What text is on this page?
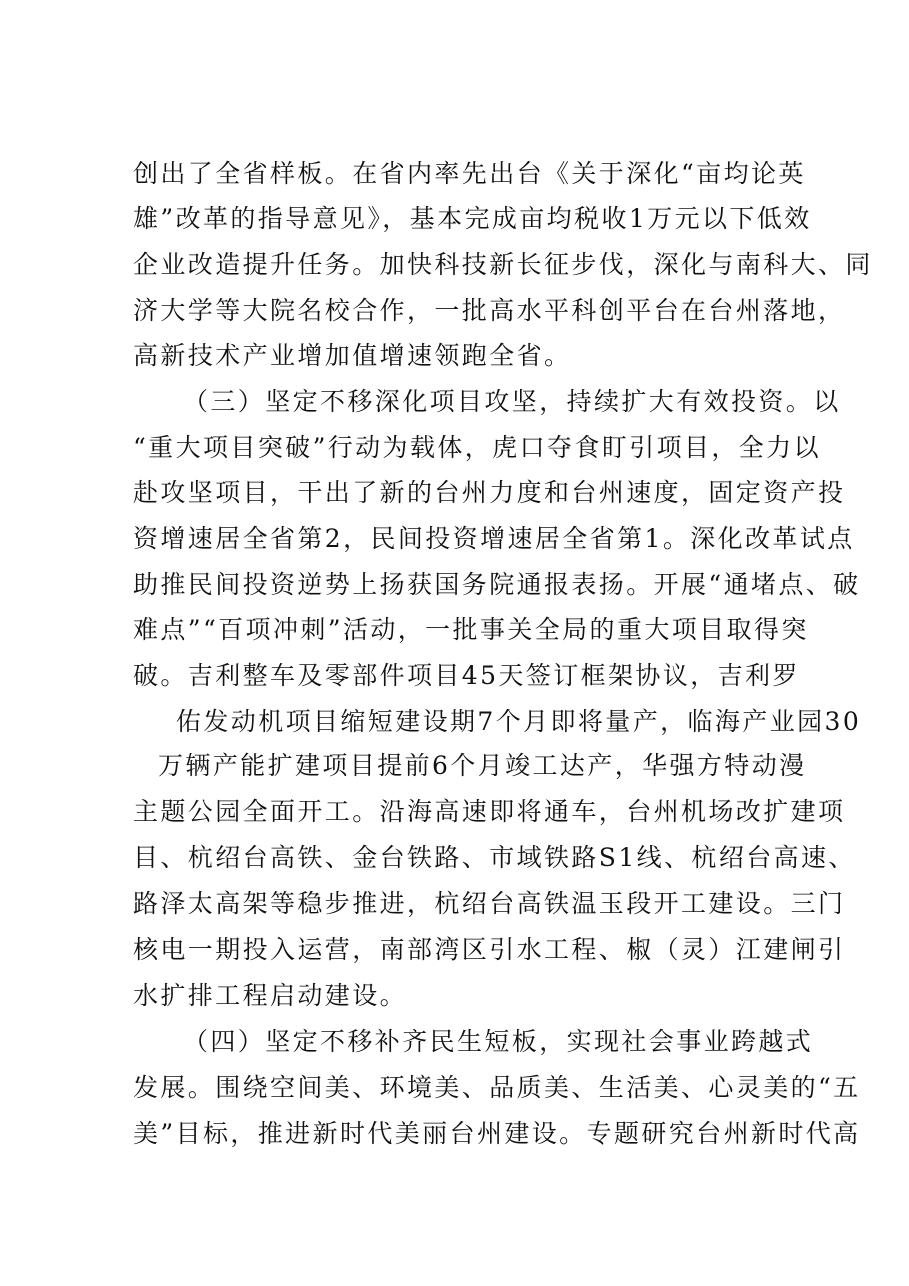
创出了全省样板。在省内率先出台《关于深化“亩均论英
雄”改革的指导意见》，基本完成亩均税收1万元以下低效
企业改造提升任务。加快科技新长征步伐，深化与南科大、同
济大学等大院名校合作，一批高水平科创平台在台州落地，
高新技术产业增加值增速领跑全省。
（三）坚定不移深化项目攻坚，持续扩大有效投资。以
“重大项目突破”行动为载体，虎口夺食盯引项目，全力以
赴攻坚项目，干出了新的台州力度和台州速度，固定资产投
资增速居全省第2，民间投资增速居全省第1。深化改革试点
助推民间投资逆势上扬获国务院通报表扬。开展“通堵点、破
难点”“百项冲刺”活动，一批事关全局的重大项目取得突
破。吉利整车及零部件项目45天签订框架协议，吉利罗
佑发动机项目缩短建设期7个月即将量产，临海产业园30
万辆产能扩建项目提前6个月竣工达产，华强方特动漫
主题公园全面开工。沿海高速即将通车，台州机场改扩建项
目、杭绍台高铁、金台铁路、市域铁路S1线、杭绍台高速、
路泽太高架等稳步推进，杭绍台高铁温玉段开工建设。三门
核电一期投入运营，南部湾区引水工程、椒（灵）江建闸引
水扩排工程启动建设。
（四）坚定不移补齐民生短板，实现社会事业跨越式
发展。围绕空间美、环境美、品质美、生活美、心灵美的“五
美”目标，推进新时代美丽台州建设。专题研究台州新时代高
